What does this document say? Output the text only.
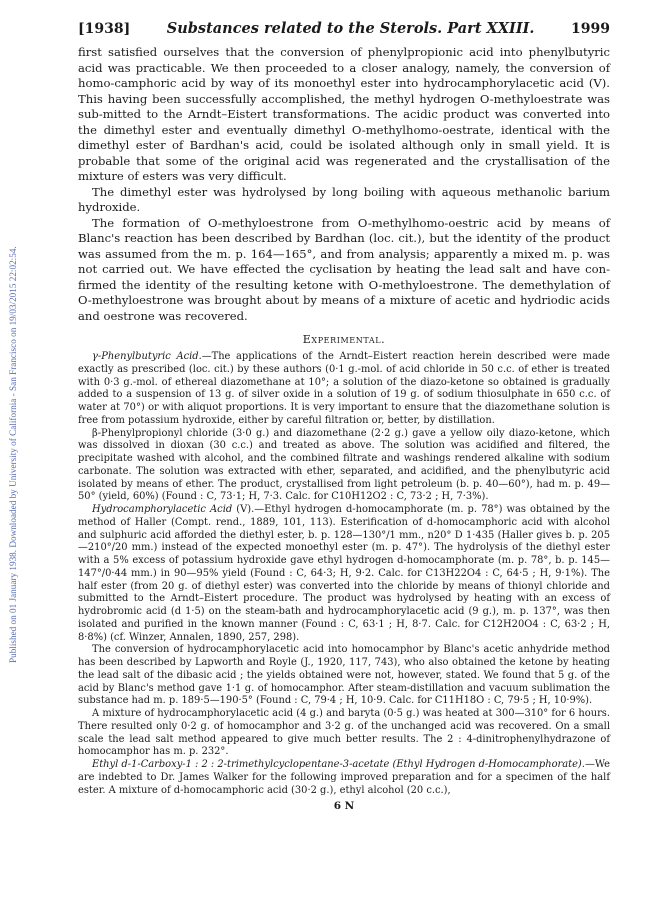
Published on 01 January 1938. Downloaded by University of California - San Francisco on 19/03/2015 22:02:54.
[1938]	Substances related to the Sterols. Part XXIII.	1999

first satisfied ourselves that the conversion of phenylpropionic acid into phenylbutyric acid was practicable. We then proceeded to a closer analogy, namely, the conversion of homo-camphoric acid by way of its monoethyl ester into hydrocamphorylacetic acid (V). This having been successfully accomplished, the methyl hydrogen O-methyloestrate was sub-mitted to the Arndt–Eistert transformations. The acidic product was converted into the dimethyl ester and eventually dimethyl O-methylhomo-oestrate, identical with the dimethyl ester of Bardhan's acid, could be isolated although only in small yield. It is probable that some of the original acid was regenerated and the crystallisation of the mixture of esters was very difficult.

The dimethyl ester was hydrolysed by long boiling with aqueous methanolic barium hydroxide.

The formation of O-methyloestrone from O-methylhomo-oestric acid by means of Blanc's reaction has been described by Bardhan (loc. cit.), but the identity of the product was assumed from the m. p. 164—165°, and from analysis; apparently a mixed m. p. was not carried out. We have effected the cyclisation by heating the lead salt and have con-firmed the identity of the resulting ketone with O-methyloestrone. The demethylation of O-methyloestrone was brought about by means of a mixture of acetic and hydriodic acids and oestrone was recovered.

Experimental.

γ-Phenylbutyric Acid.—The applications of the Arndt–Eistert reaction herein described were made exactly as prescribed (loc. cit.) by these authors (0·1 g.-mol. of acid chloride in 50 c.c. of ether is treated with 0·3 g.-mol. of ethereal diazomethane at 10°; a solution of the diazo-ketone so obtained is gradually added to a suspension of 13 g. of silver oxide in a solution of 19 g. of sodium thiosulphate in 650 c.c. of water at 70°) or with aliquot proportions. It is very important to ensure that the diazomethane solution is free from potassium hydroxide, either by careful filtration or, better, by distillation.

β-Phenylpropionyl chloride (3·0 g.) and diazomethane (2·2 g.) gave a yellow oily diazo-ketone, which was dissolved in dioxan (30 c.c.) and treated as above. The solution was acidified and filtered, the precipitate washed with alcohol, and the combined filtrate and washings rendered alkaline with sodium carbonate. The solution was extracted with ether, separated, and acidified, and the phenylbutyric acid isolated by means of ether. The product, crystallised from light petroleum (b. p. 40—60°), had m. p. 49—50° (yield, 60%) (Found : C, 73·1; H, 7·3. Calc. for C10H12O2 : C, 73·2 ; H, 7·3%).

Hydrocamphorylacetic Acid (V).—Ethyl hydrogen d-homocamphorate (m. p. 78°) was obtained by the method of Haller (Compt. rend., 1889, 101, 113). Esterification of d-homocamphoric acid with alcohol and sulphuric acid afforded the diethyl ester, b. p. 128—130°/1 mm., n20° D 1·435 (Haller gives b. p. 205—210°/20 mm.) instead of the expected monoethyl ester (m. p. 47°). The hydrolysis of the diethyl ester with a 5% excess of potassium hydroxide gave ethyl hydrogen d-homocamphorate (m. p. 78°, b. p. 145—147°/0·44 mm.) in 90—95% yield (Found : C, 64·3; H, 9·2. Calc. for C13H22O4 : C, 64·5 ; H, 9·1%). The half ester (from 20 g. of diethyl ester) was converted into the chloride by means of thionyl chloride and submitted to the Arndt–Eistert procedure. The product was hydrolysed by heating with an excess of hydrobromic acid (d 1·5) on the steam-bath and hydrocamphorylacetic acid (9 g.), m. p. 137°, was then isolated and purified in the known manner (Found : C, 63·1 ; H, 8·7. Calc. for C12H20O4 : C, 63·2 ; H, 8·8%) (cf. Winzer, Annalen, 1890, 257, 298).

The conversion of hydrocamphorylacetic acid into homocamphor by Blanc's acetic anhydride method has been described by Lapworth and Royle (J., 1920, 117, 743), who also obtained the ketone by heating the lead salt of the dibasic acid ; the yields obtained were not, however, stated. We found that 5 g. of the acid by Blanc's method gave 1·1 g. of homocamphor. After steam-distillation and vacuum sublimation the substance had m. p. 189·5—190·5° (Found : C, 79·4 ; H, 10·9. Calc. for C11H18O : C, 79·5 ; H, 10·9%).

A mixture of hydrocamphorylacetic acid (4 g.) and baryta (0·5 g.) was heated at 300—310° for 6 hours. There resulted only 0·2 g. of homocamphor and 3·2 g. of the unchanged acid was recovered. On a small scale the lead salt method appeared to give much better results. The 2 : 4-dinitrophenylhydrazone of homocamphor has m. p. 232°.

Ethyl d-1-Carboxy-1 : 2 : 2-trimethylcyclopentane-3-acetate (Ethyl Hydrogen d-Homocamphorate).—We are indebted to Dr. James Walker for the following improved preparation and for a specimen of the half ester. A mixture of d-homocamphoric acid (30·2 g.), ethyl alcohol (20 c.c.),

6 N
